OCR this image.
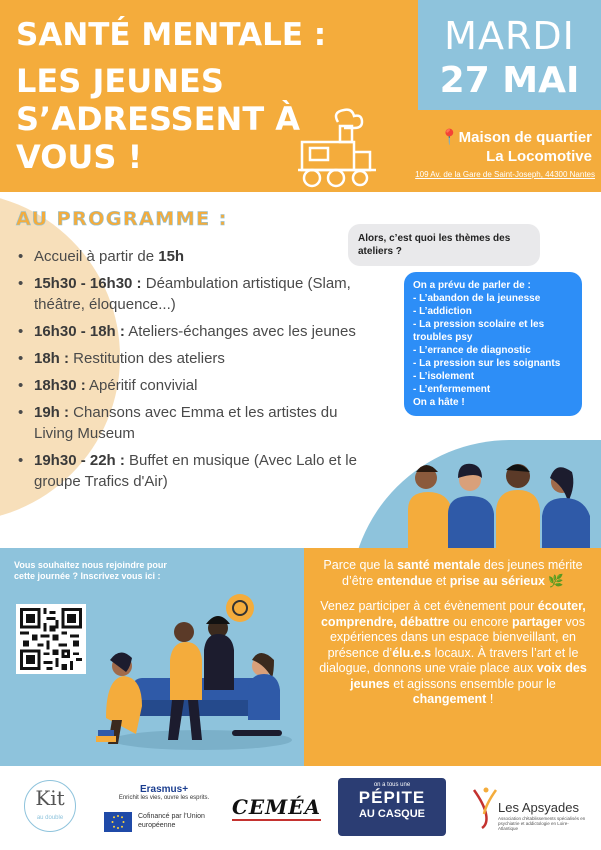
SANTÉ MENTALE :
LES JEUNES S’ADRESSENT À VOUS !
MARDI
27 MAI
📍Maison de quartier
La Locomotive
109 Av. de la Gare de Saint-Joseph, 44300 Nantes
AU PROGRAMME :
• Accueil à partir de 15h
• 15h30 - 16h30 : Déambulation artistique (Slam, théâtre, éloquence...)
• 16h30 - 18h : Ateliers-échanges avec les jeunes
• 18h : Restitution des ateliers
• 18h30 : Apéritif convivial
• 19h : Chansons avec Emma et les artistes du Living Museum
• 19h30 - 22h : Buffet en musique (Avec Lalo et le groupe Trafics d'Air)
Alors, c’est quoi les thèmes des ateliers ?
On a prévu de parler de :
- L’abandon de la jeunesse
- L’addiction
- La pression scolaire et les troubles psy
- L’errance de diagnostic
- La pression sur les soignants
- L’isolement
- L’enfermement
On a hâte !
Vous souhaitez nous rejoindre pour cette journée ? Inscrivez vous ici :

Parce que la santé mentale des jeunes mérite d’être entendue et prise au sérieux 🌿

Venez participer à cet évènement pour écouter, comprendre, débattre ou encore partager vos expériences dans un espace bienveillant, en présence d’élu.e.s locaux. À travers l’art et le dialogue, donnons une vraie place aux voix des jeunes et agissons ensemble pour le changement !

Kit
au double
Erasmus+
Enrichit les vies, ouvre les esprits.
Cofinancé par l’Union européenne
CEMÉA
on a tous une
PÉPITE
AU CASQUE	Les Apsyades
Association d’établissements spécialisés en psychiatrie et addictologie en Loire-Atlantique
